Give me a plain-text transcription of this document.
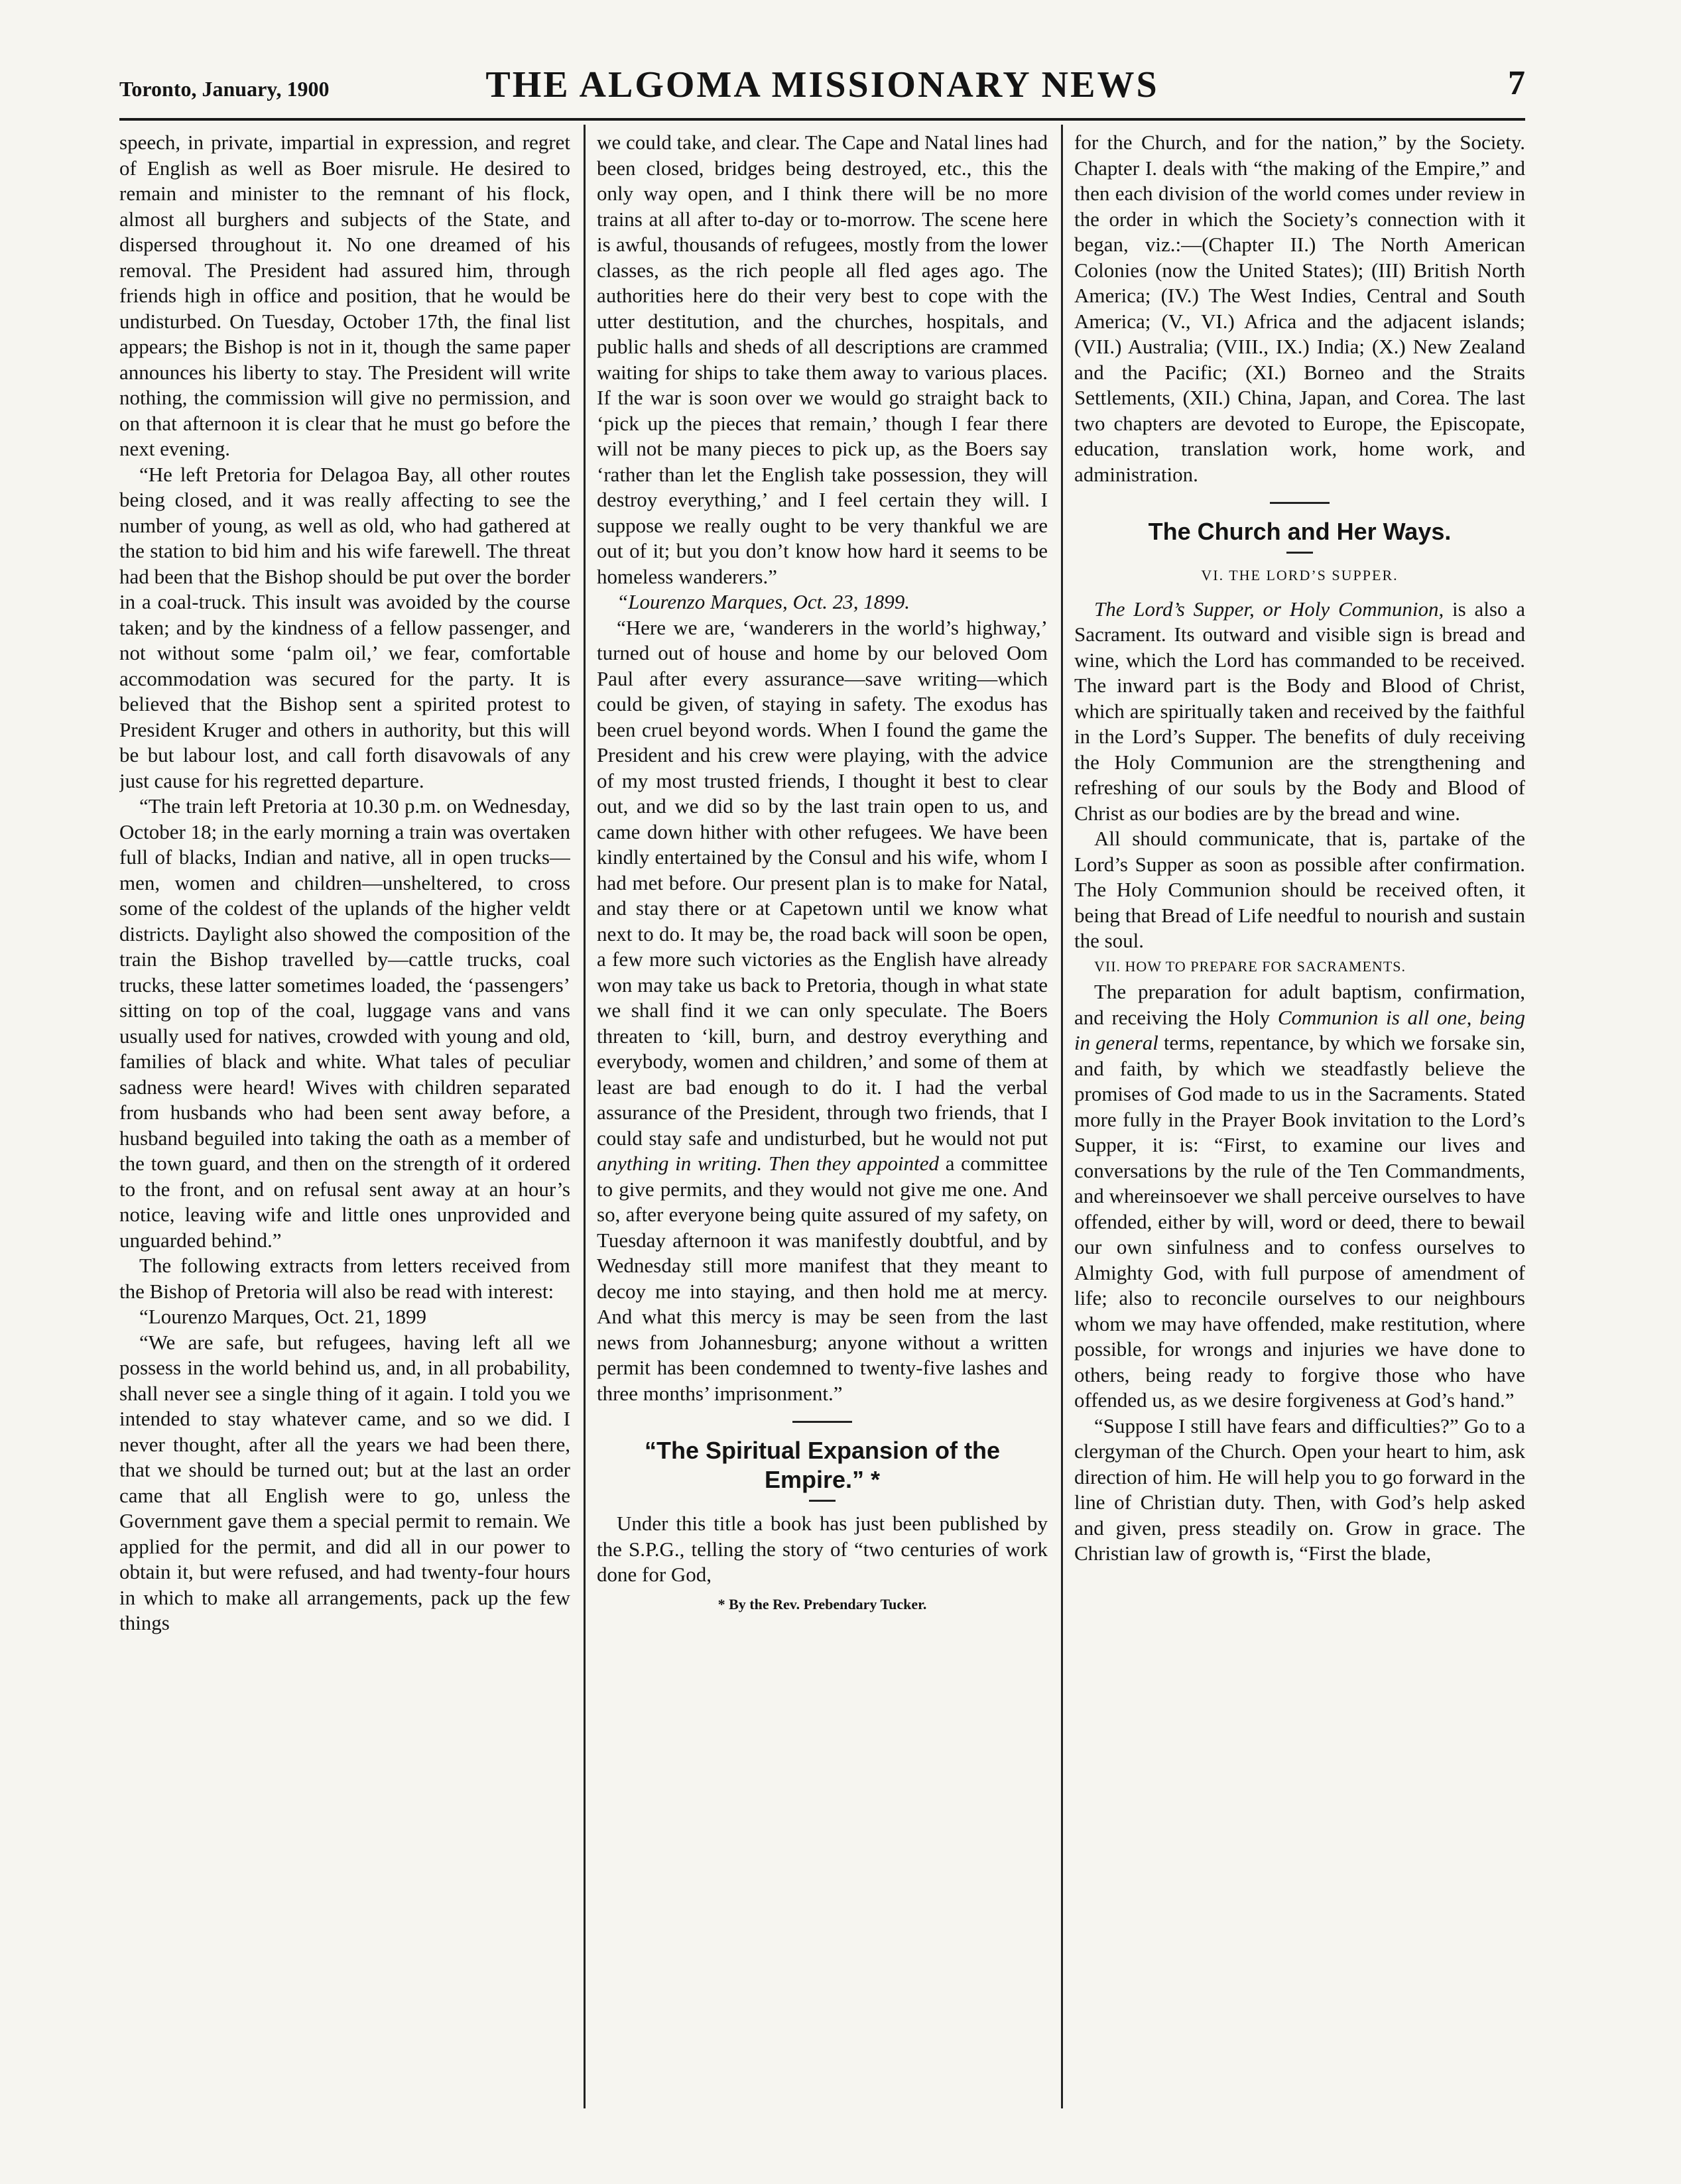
Toronto, January, 1900	THE ALGOMA MISSIONARY NEWS	7

speech, in private, impartial in expression, and regret of English as well as Boer misrule. He desired to remain and minister to the remnant of his flock, almost all burghers and subjects of the State, and dispersed throughout it. No one dreamed of his removal. The President had assured him, through friends high in office and position, that he would be undisturbed. On Tuesday, October 17th, the final list appears; the Bishop is not in it, though the same paper announces his liberty to stay. The President will write nothing, the commission will give no permission, and on that afternoon it is clear that he must go before the next evening.

“He left Pretoria for Delagoa Bay, all other routes being closed, and it was really affecting to see the number of young, as well as old, who had gathered at the station to bid him and his wife farewell. The threat had been that the Bishop should be put over the border in a coal-truck. This insult was avoided by the course taken; and by the kindness of a fellow passenger, and not without some ‘palm oil,’ we fear, comfortable accommodation was secured for the party. It is believed that the Bishop sent a spirited protest to President Kruger and others in authority, but this will be but labour lost, and call forth disavowals of any just cause for his regretted departure.

“The train left Pretoria at 10.30 p.m. on Wednesday, October 18; in the early morning a train was overtaken full of blacks, Indian and native, all in open trucks—men, women and children—unsheltered, to cross some of the coldest of the uplands of the higher veldt districts. Daylight also showed the composition of the train the Bishop travelled by—cattle trucks, coal trucks, these latter sometimes loaded, the ‘passengers’ sitting on top of the coal, luggage vans and vans usually used for natives, crowded with young and old, families of black and white. What tales of peculiar sadness were heard! Wives with children separated from husbands who had been sent away before, a husband beguiled into taking the oath as a member of the town guard, and then on the strength of it ordered to the front, and on refusal sent away at an hour’s notice, leaving wife and little ones unprovided and unguarded behind.”

The following extracts from letters received from the Bishop of Pretoria will also be read with interest:

“Lourenzo Marques, Oct. 21, 1899

“We are safe, but refugees, having left all we possess in the world behind us, and, in all probability, shall never see a single thing of it again. I told you we intended to stay whatever came, and so we did. I never thought, after all the years we had been there, that we should be turned out; but at the last an order came that all English were to go, unless the Government gave them a special permit to remain. We applied for the permit, and did all in our power to obtain it, but were refused, and had twenty-four hours in which to make all arrangements, pack up the few things

we could take, and clear. The Cape and Natal lines had been closed, bridges being destroyed, etc., this the only way open, and I think there will be no more trains at all after to-day or to-morrow. The scene here is awful, thousands of refugees, mostly from the lower classes, as the rich people all fled ages ago. The authorities here do their very best to cope with the utter destitution, and the churches, hospitals, and public halls and sheds of all descriptions are crammed waiting for ships to take them away to various places. If the war is soon over we would go straight back to ‘pick up the pieces that remain,’ though I fear there will not be many pieces to pick up, as the Boers say ‘rather than let the English take possession, they will destroy everything,’ and I feel certain they will. I suppose we really ought to be very thankful we are out of it; but you don’t know how hard it seems to be homeless wanderers.”

“Lourenzo Marques, Oct. 23, 1899.

“Here we are, ‘wanderers in the world’s highway,’ turned out of house and home by our beloved Oom Paul after every assurance—save writing—which could be given, of staying in safety. The exodus has been cruel beyond words. When I found the game the President and his crew were playing, with the advice of my most trusted friends, I thought it best to clear out, and we did so by the last train open to us, and came down hither with other refugees. We have been kindly entertained by the Consul and his wife, whom I had met before. Our present plan is to make for Natal, and stay there or at Capetown until we know what next to do. It may be, the road back will soon be open, a few more such victories as the English have already won may take us back to Pretoria, though in what state we shall find it we can only speculate. The Boers threaten to ‘kill, burn, and destroy everything and everybody, women and children,’ and some of them at least are bad enough to do it. I had the verbal assurance of the President, through two friends, that I could stay safe and undisturbed, but he would not put anything in writing. Then they appointed a committee to give permits, and they would not give me one. And so, after everyone being quite assured of my safety, on Tuesday afternoon it was manifestly doubtful, and by Wednesday still more manifest that they meant to decoy me into staying, and then hold me at mercy. And what this mercy is may be seen from the last news from Johannesburg; anyone without a written permit has been condemned to twenty-five lashes and three months’ imprisonment.”

“The Spiritual Expansion of the Empire.” *

Under this title a book has just been published by the S.P.G., telling the story of “two centuries of work done for God,

* By the Rev. Prebendary Tucker.

for the Church, and for the nation,” by the Society. Chapter I. deals with “the making of the Empire,” and then each division of the world comes under review in the order in which the Society’s connection with it began, viz.:—(Chapter II.) The North American Colonies (now the United States); (III) British North America; (IV.) The West Indies, Central and South America; (V., VI.) Africa and the adjacent islands; (VII.) Australia; (VIII., IX.) India; (X.) New Zealand and the Pacific; (XI.) Borneo and the Straits Settlements, (XII.) China, Japan, and Corea. The last two chapters are devoted to Europe, the Episcopate, education, translation work, home work, and administration.

The Church and Her Ways.
VI. THE LORD’S SUPPER.

The Lord’s Supper, or Holy Communion, is also a Sacrament. Its outward and visible sign is bread and wine, which the Lord has commanded to be received. The inward part is the Body and Blood of Christ, which are spiritually taken and received by the faithful in the Lord’s Supper. The benefits of duly receiving the Holy Communion are the strengthening and refreshing of our souls by the Body and Blood of Christ as our bodies are by the bread and wine.

All should communicate, that is, partake of the Lord’s Supper as soon as possible after confirmation. The Holy Communion should be received often, it being that Bread of Life needful to nourish and sustain the soul.

VII. HOW TO PREPARE FOR SACRAMENTS.

The preparation for adult baptism, confirmation, and receiving the Holy Communion is all one, being in general terms, repentance, by which we forsake sin, and faith, by which we steadfastly believe the promises of God made to us in the Sacraments. Stated more fully in the Prayer Book invitation to the Lord’s Supper, it is: “First, to examine our lives and conversations by the rule of the Ten Commandments, and whereinsoever we shall perceive ourselves to have offended, either by will, word or deed, there to bewail our own sinfulness and to confess ourselves to Almighty God, with full purpose of amendment of life; also to reconcile ourselves to our neighbours whom we may have offended, make restitution, where possible, for wrongs and injuries we have done to others, being ready to forgive those who have offended us, as we desire forgiveness at God’s hand.”

“Suppose I still have fears and difficulties?” Go to a clergyman of the Church. Open your heart to him, ask direction of him. He will help you to go forward in the line of Christian duty. Then, with God’s help asked and given, press steadily on. Grow in grace. The Christian law of growth is, “First the blade,
